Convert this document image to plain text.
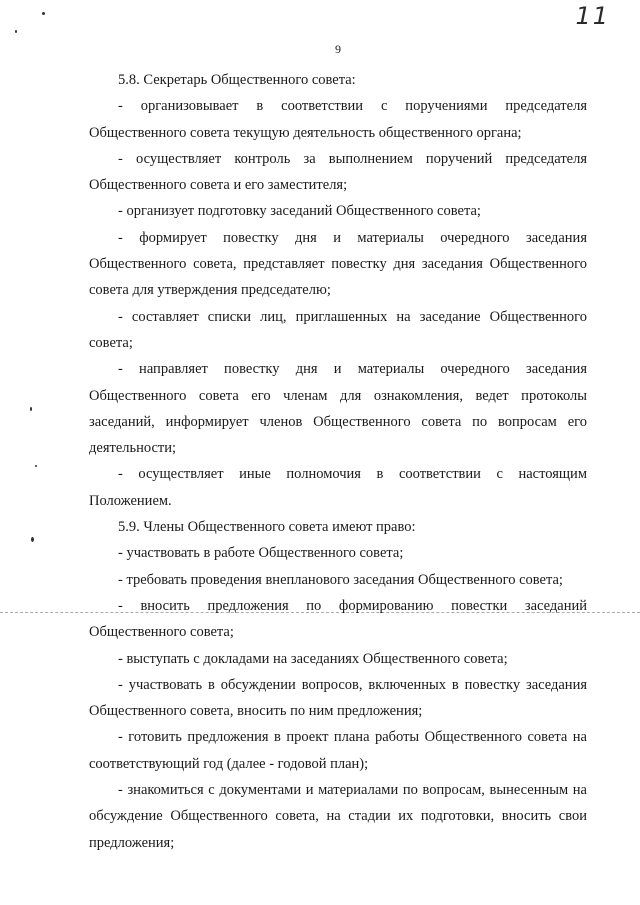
11
9

5.8. Секретарь Общественного совета:

- организовывает в соответствии с поручениями председателя Общественного совета текущую деятельность общественного органа;

- осуществляет контроль за выполнением поручений председателя Общественного совета и его заместителя;

- организует подготовку заседаний Общественного совета;

- формирует повестку дня и материалы очередного заседания Общественного совета, представляет повестку дня заседания Общественного совета для утверждения председателю;

- составляет списки лиц, приглашенных на заседание Общественного совета;

- направляет повестку дня и материалы очередного заседания Общественного совета его членам для ознакомления, ведет протоколы заседаний, информирует членов Общественного совета по вопросам его деятельности;

- осуществляет иные полномочия в соответствии с настоящим Положением.

5.9. Члены Общественного совета имеют право:

- участвовать в работе Общественного совета;

- требовать проведения внепланового заседания Общественного совета;

- вносить предложения по формированию повестки заседаний Общественного совета;

- выступать с докладами на заседаниях Общественного совета;

- участвовать в обсуждении вопросов, включенных в повестку заседания Общественного совета, вносить по ним предложения;

- готовить предложения в проект плана работы Общественного совета на соответствующий год (далее - годовой план);

- знакомиться с документами и материалами по вопросам, вынесенным на обсуждение Общественного совета, на стадии их подготовки, вносить свои предложения;
